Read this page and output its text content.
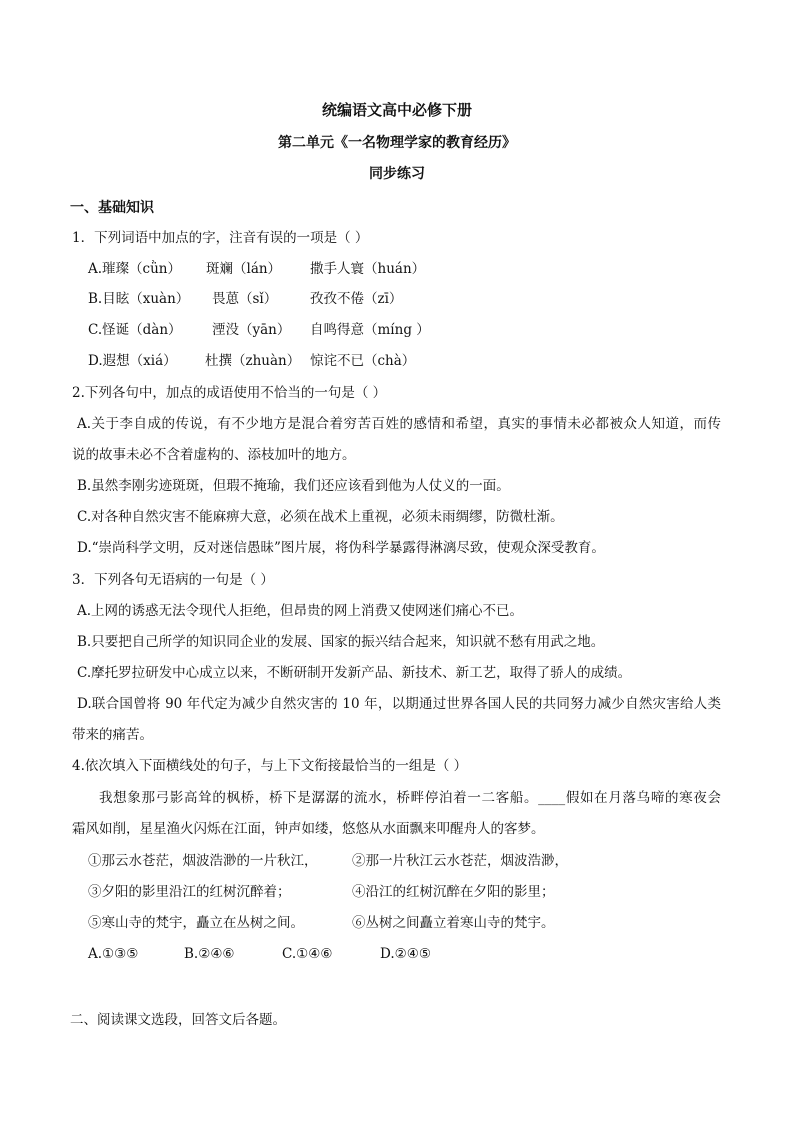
统编语文高中必修下册
第二单元《一名物理学家的教育经历》
同步练习
一、基础知识
1．下列词语中加点的字，注音有误的一项是（ ）
A.璀璨（cǜn） 斑斓（lán） 撒手人寰（huán）
B.目眩（xuàn） 畏葸（sǐ） 孜孜不倦（zī）
C.怪诞（dàn） 湮没（yān） 自鸣得意（míng ）
D.遐想（xiá） 杜撰（zhuàn） 惊诧不已（chà）
2.下列各句中，加点的成语使用不恰当的一句是（ ）
A.关于李自成的传说，有不少地方是混合着穷苦百姓的感情和希望，真实的事情未必都被众人知道，而传
说的故事未必不含着虚构的、添枝加叶的地方。
B.虽然李刚劣迹斑斑，但瑕不掩瑜，我们还应该看到他为人仗义的一面。
C.对各种自然灾害不能麻痹大意，必须在战术上重视，必须未雨绸缪，防微杜渐。
D.“崇尚科学文明，反对迷信愚昧”图片展，将伪科学暴露得淋漓尽致，使观众深受教育。
3．下列各句无语病的一句是（ ）
A.上网的诱惑无法令现代人拒绝，但昂贵的网上消费又使网迷们痛心不已。
B.只要把自己所学的知识同企业的发展、国家的振兴结合起来，知识就不愁有用武之地。
C.摩托罗拉研发中心成立以来，不断研制开发新产品、新技术、新工艺，取得了骄人的成绩。
D.联合国曾将 90 年代定为减少自然灾害的 10 年，以期通过世界各国人民的共同努力减少自然灾害给人类
带来的痛苦。
4.依次填入下面横线处的句子，与上下文衔接最恰当的一组是（ ）
我想象那弓影高耸的枫桥，桥下是潺潺的流水，桥畔停泊着一二客船。____假如在月落乌啼的寒夜会
霜风如削，星星渔火闪烁在江面，钟声如缕，悠悠从水面飘来叩醒舟人的客梦。
①那云水苍茫，烟波浩渺的一片秋江，	②那一片秋江云水苍茫，烟波浩渺，
③夕阳的影里沿江的红树沉醉着；	④沿江的红树沉醉在夕阳的影里；
⑤寒山寺的梵宇，矗立在丛树之间。	⑥丛树之间矗立着寒山寺的梵宇。
A.①③⑤	B.②④⑥	C.①④⑥	D.②④⑤
二、阅读课文选段，回答文后各题。
